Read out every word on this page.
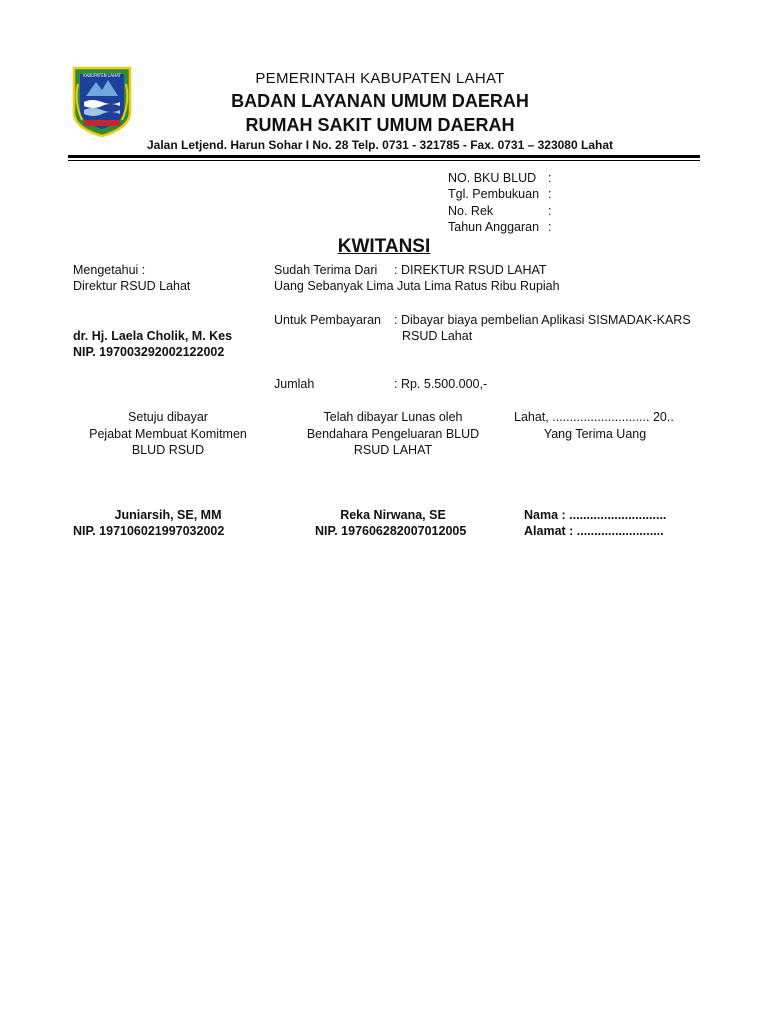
KABUPATEN LAHAT	PEMERINTAH KABUPATEN LAHAT
BADAN LAYANAN UMUM DAERAH
RUMAH SAKIT UMUM DAERAH
Jalan Letjend. Harun Sohar I No. 28 Telp. 0731 - 321785 - Fax. 0731 – 323080 Lahat
NO. BKU BLUD :
Tgl. Pembukuan :
No. Rek	:
Tahun Anggaran :
KWITANSI
Mengetahui :
Direktur RSUD Lahat
dr. Hj. Laela Cholik, M. Kes
NIP. 197003292002122002
Sudah Terima Dari : DIREKTUR RSUD LAHAT
Uang Sebanyak Lima Juta Lima Ratus Ribu Rupiah
Untuk Pembayaran : Dibayar biaya pembelian Aplikasi SISMADAK-KARS
RSUD Lahat
Jumlah	: Rp. 5.500.000,-
Setuju dibayar
Pejabat Membuat Komitmen
BLUD RSUD
Juniarsih, SE, MM
NIP. 197106021997032002
Telah dibayar Lunas oleh
Bendahara Pengeluaran BLUD
RSUD LAHAT
Reka Nirwana, SE
NIP. 197606282007012005
Lahat, ............................ 20..
Yang Terima Uang
Nama : ............................
Alamat : .........................
